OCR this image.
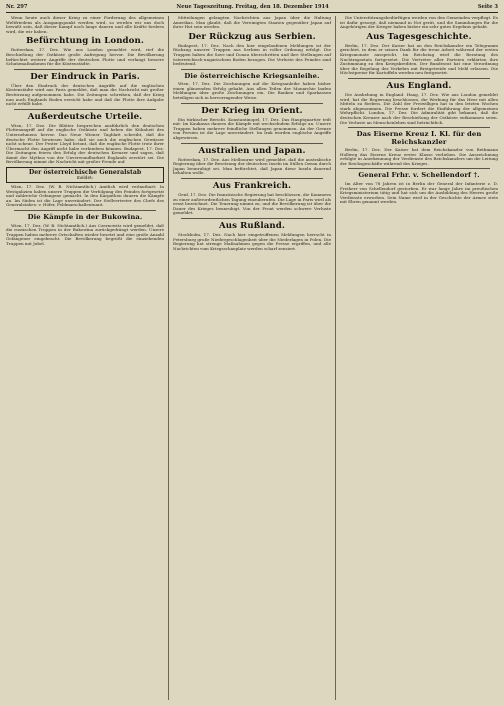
Nr. 297	Neue Tageszeitung. Freitag, den 18. Dezember 1914	Seite 3

Wenn heute auch dieser Krieg zu einer Forderung des allgemeinen Weltfriedens als Ausgangspunkt werden wird, so werden wir uns doch bewußt sein, daß dieser Kampf noch lange dauern und alle Kräfte fordern wird, die wir haben.

Befürchtung in London.

Rotterdam, 17. Dez. Wie aus London gemeldet wird, rief die Beschießung der Ostküste große Aufregung hervor. Die Bevölkerung befürchtet weitere Angriffe der deutschen Flotte und verlangt bessere Schutzmaßnahmen für die Küstenstädte.

Der Eindruck in Paris.

Über den Eindruck der deutschen Angriffe auf die englischen Küstenstädte wird aus Paris gemeldet, daß man die Nachricht mit großer Bestürzung aufgenommen habe. Die Zeitungen schreiben, daß der Krieg nun auch Englands Boden erreicht habe und daß die Flotte ihre Aufgabe nicht erfüllt habe.

Außerdeutsche Urteile.

Wien, 17. Dez. Die Blätter besprechen ausführlich den deutschen Flottenangriff auf die englische Ostküste und heben die Kühnheit des Unternehmens hervor. Das Neue Wiener Tagblatt schreibt, daß die deutsche Flotte bewiesen habe, daß sie auch die englischen Gewässer nicht scheue. Der Pester Lloyd betont, daß die englische Flotte trotz ihrer Übermacht den Angriff nicht habe verhindern können. Budapest, 17. Dez. Die Zeitungen feiern den Erfolg der deutschen Kreuzer und sagen, daß damit der Mythus von der Unverwundbarkeit Englands zerstört sei. Die Bevölkerung nimmt die Nachricht mit großer Freude auf.

Der österreichische Generalstab
meldet:

Wien, 17. Dez. (W. B. Nichtamtlich.) Amtlich wird verlautbart: In Westgalizien haben unsere Truppen die Verfolgung des Feindes fortgesetzt und zahlreiche Gefangene gemacht. In den Karpathen dauern die Kämpfe an. Im Süden ist die Lage unverändert. Der Stellvertreter des Chefs des Generalstabes: v. Höfer, Feldmarschalleutnant.

Die Kämpfe in der Bukowina.

Wien, 17. Dez. (W. B. Nichtamtlich.) Aus Czernowitz wird gemeldet, daß die russischen Truppen in der Bukowina zurückgedrängt werden. Unsere Truppen haben mehrere Ortschaften wieder besetzt und eine große Anzahl Gefangener eingebracht. Die Bevölkerung begrüßt die einziehenden Truppen mit Jubel.

Mitteilungen gelangten Nachrichten aus Japan über die Haltung Amerikas. Man glaubt, daß die Vereinigten Staaten gegenüber Japan auf ihrer Hut sein werden.

Der Rückzug aus Serbien.

Budapest, 17. Dez. Nach den hier eingelaufenen Meldungen ist der Rückzug unserer Truppen aus Serbien in voller Ordnung erfolgt. Die Truppen haben die Save und Donau überschritten und ihre Stellungen auf österreichisch-ungarischem Boden bezogen. Die Verluste des Feindes sind bedeutend.

Die österreichische Kriegsanleihe.

Wien, 17. Dez. Die Zeichnungen auf die Kriegsanleihe haben bisher einen glänzenden Erfolg gehabt. Aus allen Teilen der Monarchie laufen Meldungen über große Zeichnungen ein. Die Banken und Sparkassen beteiligen sich in hervorragender Weise.

Der Krieg im Orient.

Ein türkischer Bericht. Konstantinopel, 17. Dez. Das Hauptquartier teilt mit: Im Kaukasus dauern die Kämpfe mit wechselndem Erfolge an. Unsere Truppen haben mehrere feindliche Stellungen genommen. An der Grenze von Persien ist die Lage unverändert. Im Irak wurden englische Angriffe abgewiesen.

Australien und Japan.

Rotterdam, 17. Dez. Aus Melbourne wird gemeldet, daß die australische Regierung über die Besetzung der deutschen Inseln im Stillen Ozean durch Japan beunruhigt sei. Man befürchtet, daß Japan diese Inseln dauernd behalten wolle.

Aus Frankreich.

Genf, 17. Dez. Die französische Regierung hat beschlossen, die Kammern zu einer außerordentlichen Tagung einzuberufen. Die Lage in Paris wird als ernst bezeichnet. Die Teuerung nimmt zu, und die Bevölkerung ist über die Dauer des Krieges beunruhigt. Von der Front werden schwere Verluste gemeldet.

Aus Rußland.

Stockholm, 17. Dez. Nach hier eingetroffenen Meldungen herrscht in Petersburg große Niedergeschlagenheit über die Niederlagen in Polen. Die Regierung hat strenge Maßnahmen gegen die Presse ergriffen, und alle Nachrichten vom Kriegsschauplatz werden scharf zensiert.

Die Unterstützungsbedürftigen werden von den Gemeinden verpflegt. Es ist dafür gesorgt, daß niemand in Not gerät, und die Sammlungen für die Angehörigen der Krieger haben bisher ein sehr gutes Ergebnis gehabt.

Aus Tagesgeschichte.

Berlin, 17. Dez. Der Kaiser hat an den Reichskanzler ein Telegramm gerichtet, in dem er seinen Dank für die treue Arbeit während der ersten Kriegsmonate ausspricht. Im Reichstag wird die Beratung des Nachtragsetats fortgesetzt. Die Vertreter aller Parteien erklärten ihre Zustimmung zu den Kriegskrediten. Der Bundesrat hat eine Verordnung über die Regelung des Verkehrs mit Brotgetreide und Mehl erlassen. Die Höchstpreise für Kartoffeln werden neu festgesetzt.

Aus England.

Die Aushebung in England. Haag, 17. Dez. Wie aus London gemeldet wird, hat die Regierung beschlossen, die Werbung für das Heer mit allen Mitteln zu fördern. Die Zahl der Freiwilligen hat in den letzten Wochen stark abgenommen. Die Presse fordert die Einführung der allgemeinen Wehrpflicht. London, 17. Dez. Die Admiralität gibt bekannt, daß die deutschen Kreuzer nach der Beschießung der Ostküste entkommen seien. Die Verluste an Menschenleben sind beträchtlich.

Das Eiserne Kreuz I. Kl. für den Reichskanzler

Berlin, 17. Dez. Der Kaiser hat dem Reichskanzler von Bethmann Hollweg das Eiserne Kreuz erster Klasse verliehen. Die Auszeichnung erfolgte in Anerkennung der Verdienste des Reichskanzlers um die Leitung der Reichsgeschäfte während des Krieges.

General Frhr. v. Schellendorf †.

Im Alter von 78 Jahren ist in Berlin der General der Infanterie z. D. Freiherr von Schellendorf gestorben. Er war lange Jahre im preußischen Kriegsministerium tätig und hat sich um die Ausbildung des Heeres große Verdienste erworben. Sein Name wird in der Geschichte der Armee stets mit Ehren genannt werden.
